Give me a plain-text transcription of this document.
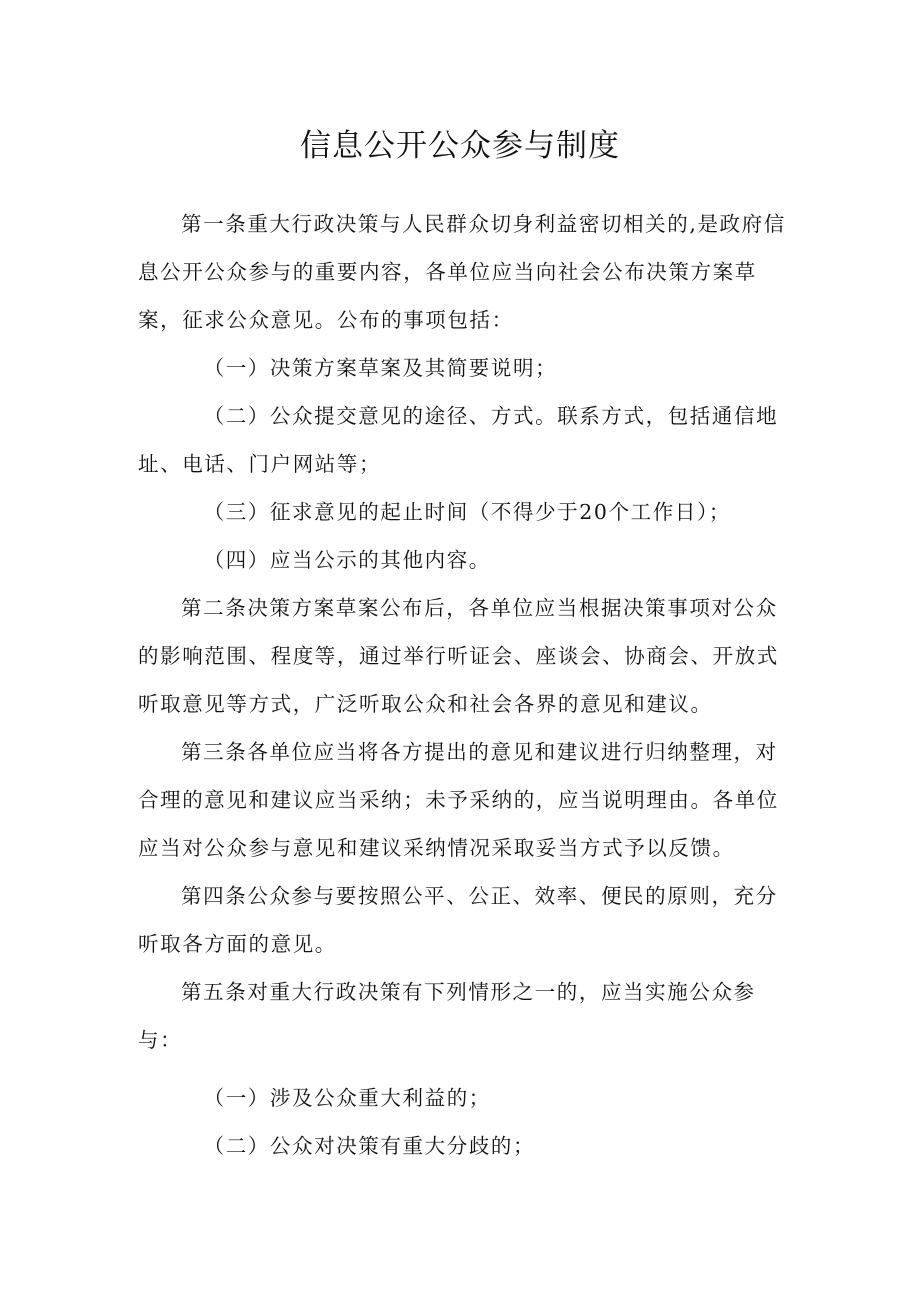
信息公开公众参与制度

第一条重大行政决策与人民群众切身利益密切相关的,是政府信息公开公众参与的重要内容，各单位应当向社会公布决策方案草案，征求公众意见。公布的事项包括：

（一）决策方案草案及其简要说明；

（二）公众提交意见的途径、方式。联系方式，包括通信地址、电话、门户网站等；

（三）征求意见的起止时间（不得少于20个工作日）；

（四）应当公示的其他内容。

第二条决策方案草案公布后，各单位应当根据决策事项对公众的影响范围、程度等，通过举行听证会、座谈会、协商会、开放式听取意见等方式，广泛听取公众和社会各界的意见和建议。

第三条各单位应当将各方提出的意见和建议进行归纳整理，对合理的意见和建议应当采纳；未予采纳的，应当说明理由。各单位应当对公众参与意见和建议采纳情况采取妥当方式予以反馈。

第四条公众参与要按照公平、公正、效率、便民的原则，充分听取各方面的意见。

第五条对重大行政决策有下列情形之一的，应当实施公众参与：

（一）涉及公众重大利益的；

（二）公众对决策有重大分歧的；
